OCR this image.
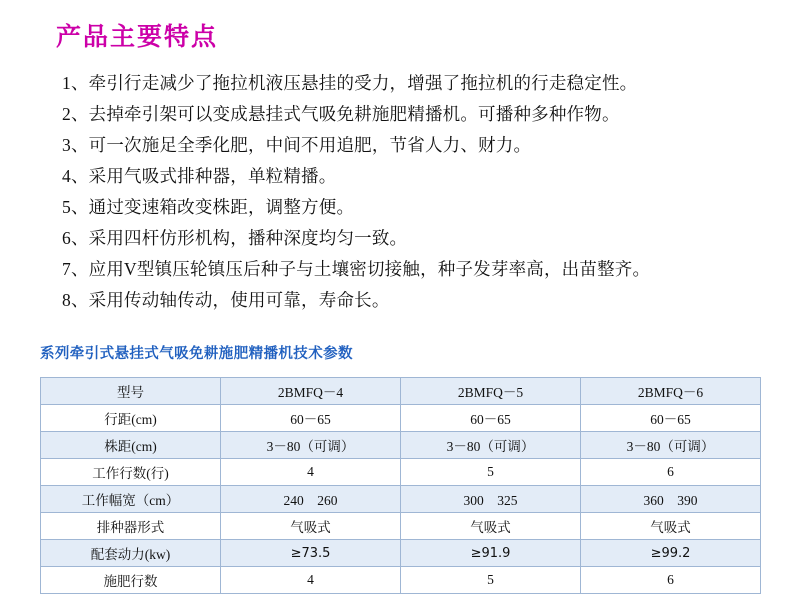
产品主要特点
1、牵引行走减少了拖拉机液压悬挂的受力，增强了拖拉机的行走稳定性。
2、去掉牵引架可以变成悬挂式气吸免耕施肥精播机。可播种多种作物。
3、可一次施足全季化肥，中间不用追肥，节省人力、财力。
4、采用气吸式排种器，单粒精播。
5、通过变速箱改变株距，调整方便。
6、采用四杆仿形机构，播种深度均匀一致。
7、应用V型镇压轮镇压后种子与土壤密切接触，种子发芽率高，出苗整齐。
8、采用传动轴传动，使用可靠，寿命长。
系列牵引式悬挂式气吸免耕施肥精播机技术参数
型号	2BMFQ－4	2BMFQ－5	2BMFQ－6
行距(cm)	60－65	60－65	60－65
株距(cm)	3－80（可调）	3－80（可调）	3－80（可调）
工作行数(行)	4	5	6
工作幅宽（cm）	240　260	300　325	360　390
排种器形式	气吸式	气吸式	气吸式
配套动力(kw)	≥73.5	≥91.9	≥99.2
施肥行数	4	5	6
